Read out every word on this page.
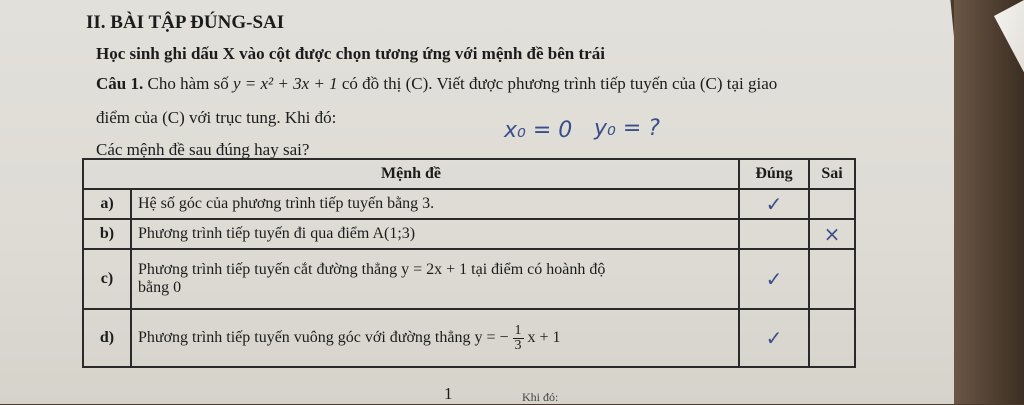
II. BÀI TẬP ĐÚNG-SAI
Học sinh ghi dấu X vào cột được chọn tương ứng với mệnh đề bên trái
Câu 1. Cho hàm số y = x² + 3x + 1 có đồ thị (C). Viết được phương trình tiếp tuyến của (C) tại giao
điểm của (C) với trục tung. Khi đó:
Các mệnh đề sau đúng hay sai?
x₀ = 0 y₀ = ?
Mệnh đề		Đúng	Sai
a)	Hệ số góc của phương trình tiếp tuyến bằng 3.	✓	
b)	Phương trình tiếp tuyến đi qua điểm A(1;3)		×
c)	Phương trình tiếp tuyến cắt đường thẳng y = 2x + 1 tại điểm có hoành độ
bằng 0	✓	
d)	Phương trình tiếp tuyến vuông góc với đường thẳng y = − $\frac{1}{3}$ x + 1	✓	
1	Khi đó:
